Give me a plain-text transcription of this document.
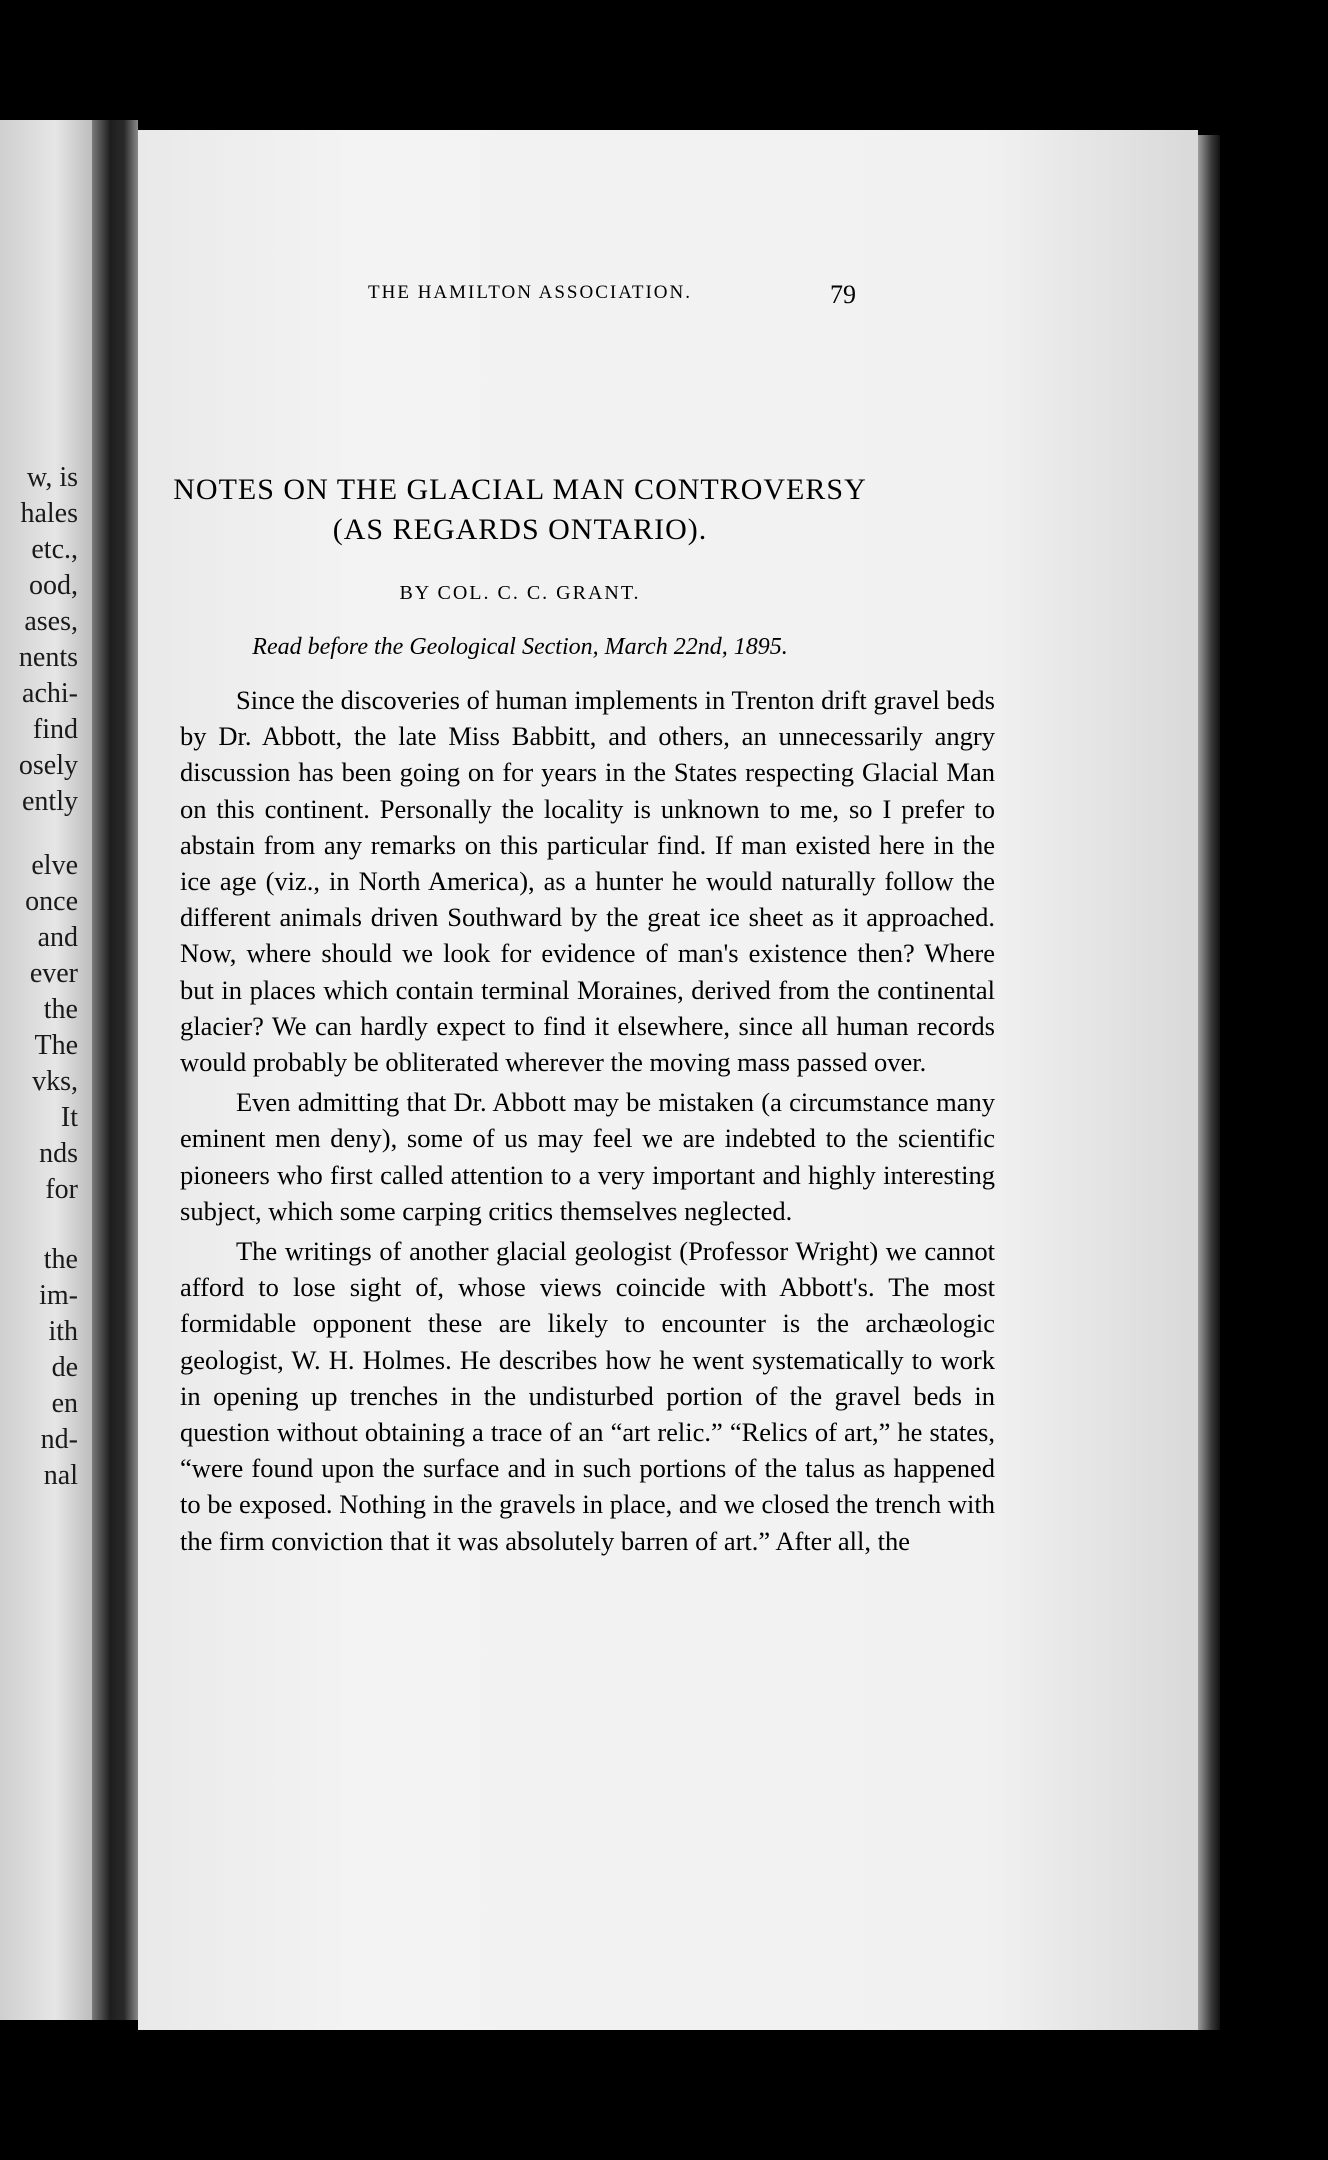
w, is
hales
etc.,
ood,
ases,
nents
achi-
find
osely
ently
elve
once
and
ever
the
The
vks,
It
nds
for
the
im-
ith
de
en
nd-
nal
THE HAMILTON ASSOCIATION.	79
NOTES ON THE GLACIAL MAN CONTROVERSY
(AS REGARDS ONTARIO).
BY COL. C. C. GRANT.
Read before the Geological Section, March 22nd, 1895.

Since the discoveries of human implements in Trenton drift gravel beds by Dr. Abbott, the late Miss Babbitt, and others, an unnecessarily angry discussion has been going on for years in the States respecting Glacial Man on this continent. Personally the locality is unknown to me, so I prefer to abstain from any remarks on this particular find. If man existed here in the ice age (viz., in North America), as a hunter he would naturally follow the different animals driven Southward by the great ice sheet as it approached. Now, where should we look for evidence of man's existence then? Where but in places which contain terminal Moraines, derived from the continental glacier? We can hardly expect to find it elsewhere, since all human records would probably be obliterated wherever the moving mass passed over.

Even admitting that Dr. Abbott may be mistaken (a circumstance many eminent men deny), some of us may feel we are indebted to the scientific pioneers who first called attention to a very important and highly interesting subject, which some carping critics themselves neglected.

The writings of another glacial geologist (Professor Wright) we cannot afford to lose sight of, whose views coincide with Abbott's. The most formidable opponent these are likely to encounter is the archæologic geologist, W. H. Holmes. He describes how he went systematically to work in opening up trenches in the undisturbed portion of the gravel beds in question without obtaining a trace of an “art relic.” “Relics of art,” he states, “were found upon the surface and in such portions of the talus as happened to be exposed. Nothing in the gravels in place, and we closed the trench with the firm conviction that it was absolutely barren of art.” After all, the
